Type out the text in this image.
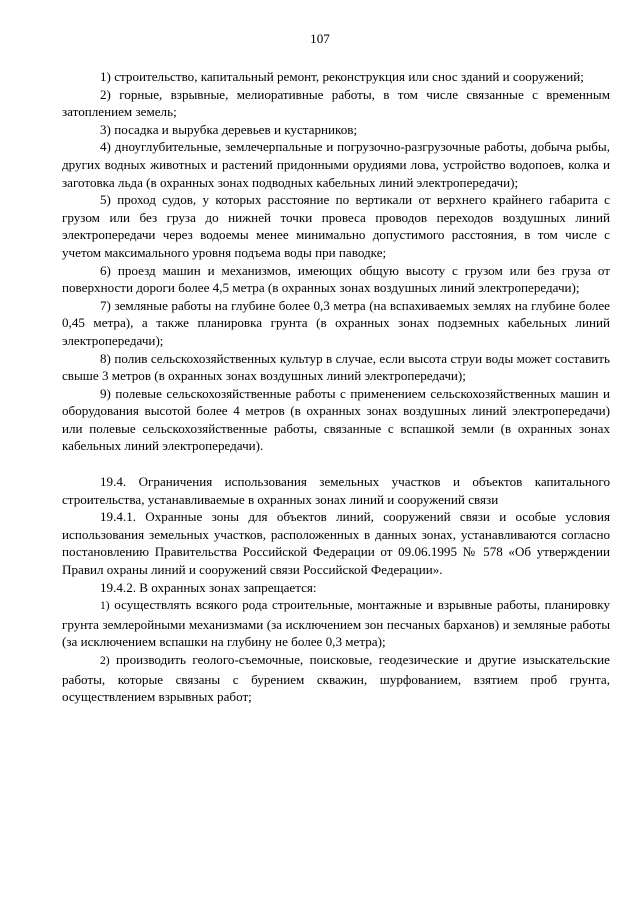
107

1) строительство, капитальный ремонт, реконструкция или снос зданий и сооружений;

2) горные, взрывные, мелиоративные работы, в том числе связанные с временным затоплением земель;

3) посадка и вырубка деревьев и кустарников;

4) дноуглубительные, землечерпальные и погрузочно-разгрузочные работы, добыча рыбы, других водных животных и растений придонными орудиями лова, устройство водопоев, колка и заготовка льда (в охранных зонах подводных кабельных линий электропередачи);

5) проход судов, у которых расстояние по вертикали от верхнего крайнего габарита с грузом или без груза до нижней точки провеса проводов переходов воздушных линий электропередачи через водоемы менее минимально допустимого расстояния, в том числе с учетом максимального уровня подъема воды при паводке;

6) проезд машин и механизмов, имеющих общую высоту с грузом или без груза от поверхности дороги более 4,5 метра (в охранных зонах воздушных линий электропередачи);

7) земляные работы на глубине более 0,3 метра (на вспахиваемых землях на глубине более 0,45 метра), а также планировка грунта (в охранных зонах подземных кабельных линий электропередачи);

8) полив сельскохозяйственных культур в случае, если высота струи воды может составить свыше 3 метров (в охранных зонах воздушных линий электропередачи);

9) полевые сельскохозяйственные работы с применением сельскохозяйственных машин и оборудования высотой более 4 метров (в охранных зонах воздушных линий электропередачи) или полевые сельскохозяйственные работы, связанные с вспашкой земли (в охранных зонах кабельных линий электропередачи).

19.4. Ограничения использования земельных участков и объектов капитального строительства, устанавливаемые в охранных зонах линий и сооружений связи

19.4.1. Охранные зоны для объектов линий, сооружений связи и особые условия использования земельных участков, расположенных в данных зонах, устанавливаются согласно постановлению Правительства Российской Федерации от 09.06.1995 № 578 «Об утверждении Правил охраны линий и сооружений связи Российской Федерации».

19.4.2. В охранных зонах запрещается:

1) осуществлять всякого рода строительные, монтажные и взрывные работы, планировку грунта землеройными механизмами (за исключением зон песчаных барханов) и земляные работы (за исключением вспашки на глубину не более 0,3 метра);

2) производить геолого-съемочные, поисковые, геодезические и другие изыскательские работы, которые связаны с бурением скважин, шурфованием, взятием проб грунта, осуществлением взрывных работ;
